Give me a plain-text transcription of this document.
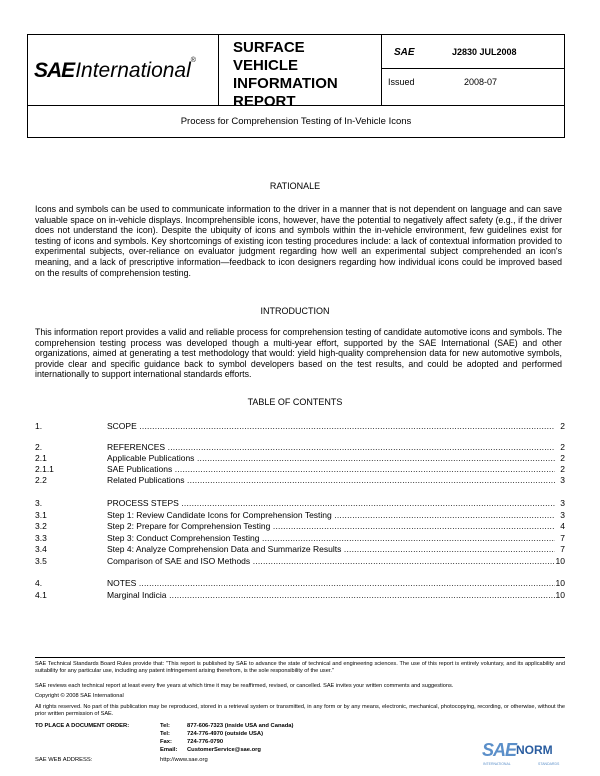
SAEInternational®
SURFACE VEHICLE INFORMATION REPORT
SAE	J2830 JUL2008
Issued	2008-07
Process for Comprehension Testing of In-Vehicle Icons
RATIONALE
Icons and symbols can be used to communicate information to the driver in a manner that is not dependent on language and can save valuable space on in-vehicle displays. Incomprehensible icons, however, have the potential to negatively affect safety (e.g., if the driver does not understand the icon). Despite the ubiquity of icons and symbols within the in-vehicle environment, few guidelines exist for testing of icons and symbols. Key shortcomings of existing icon testing procedures include: a lack of contextual information provided to experimental subjects, over-reliance on evaluator judgment regarding how well an experimental subject comprehended an icon's meaning, and a lack of prescriptive information—feedback to icon designers regarding how individual icons could be improved based on the results of comprehension testing.
INTRODUCTION
This information report provides a valid and reliable process for comprehension testing of candidate automotive icons and symbols. The comprehension testing process was developed though a multi-year effort, supported by the SAE International (SAE) and other organizations, aimed at generating a test methodology that would: yield high-quality comprehension data for new automotive symbols, provide clear and specific guidance back to symbol developers based on the test results, and could be adopted and performed internationally to support international standards efforts.
TABLE OF CONTENTS
1.	SCOPE .....	2
2.	REFERENCES .....	2
2.1	Applicable Publications .....	2
2.1.1	SAE Publications .....	2
2.2	Related Publications .....	3
3.	PROCESS STEPS .....	3
3.1	Step 1: Review Candidate Icons for Comprehension Testing .....	3
3.2	Step 2: Prepare for Comprehension Testing .....	4
3.3	Step 3: Conduct Comprehension Testing .....	7
3.4	Step 4: Analyze Comprehension Data and Summarize Results .....	7
3.5	Comparison of SAE and ISO Methods .....	10
4.	NOTES .....	10
4.1	Marginal Indicia .....	10
SAE Technical Standards Board Rules provide that: "This report is published by SAE to advance the state of technical and engineering sciences. The use of this report is entirely voluntary, and its applicability and suitability for any particular use, including any patent infringement arising therefrom, is the sole responsibility of the user."
SAE reviews each technical report at least every five years at which time it may be reaffirmed, revised, or cancelled. SAE invites your written comments and suggestions.
Copyright © 2008 SAE International
All rights reserved. No part of this publication may be reproduced, stored in a retrieval system or transmitted, in any form or by any means, electronic, mechanical, photocopying, recording, or otherwise, without the prior written permission of SAE.
TO PLACE A DOCUMENT ORDER:	Tel:	877-606-7323 (inside USA and Canada)
Tel:	724-776-4970 (outside USA)
Fax:	724-776-0790
Email: CustomerService@sae.org
SAE WEB ADDRESS:	http://www.sae.org	SAE NORM
INTERNATIONAL	STANDARDS
